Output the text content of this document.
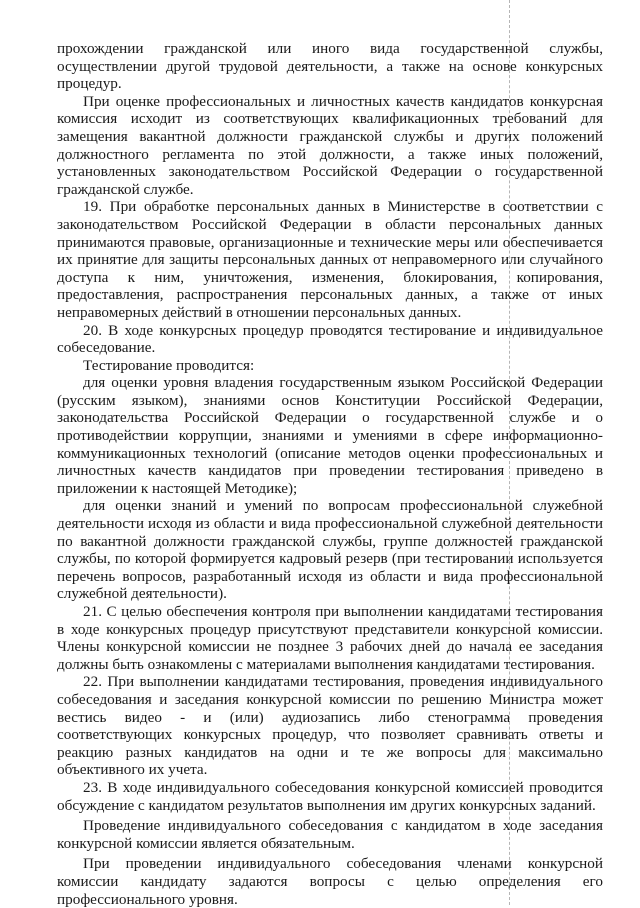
прохождении гражданской или иного вида государственной службы, осуществлении другой трудовой деятельности, а также на основе конкурсных процедур.

При оценке профессиональных и личностных качеств кандидатов конкурсная комиссия исходит из соответствующих квалификационных требований для замещения вакантной должности гражданской службы и других положений должностного регламента по этой должности, а также иных положений, установленных законодательством Российской Федерации о государственной гражданской службе.

19. При обработке персональных данных в Министерстве в соответствии с законодательством Российской Федерации в области персональных данных принимаются правовые, организационные и технические меры или обеспечивается их принятие для защиты персональных данных от неправомерного или случайного доступа к ним, уничтожения, изменения, блокирования, копирования, предоставления, распространения персональных данных, а также от иных неправомерных действий в отношении персональных данных.

20. В ходе конкурсных процедур проводятся тестирование и индивидуальное собеседование.

Тестирование проводится:

для оценки уровня владения государственным языком Российской Федерации (русским языком), знаниями основ Конституции Российской Федерации, законодательства Российской Федерации о государственной службе и о противодействии коррупции, знаниями и умениями в сфере информационно-коммуникационных технологий (описание методов оценки профессиональных и личностных качеств кандидатов при проведении тестирования приведено в приложении к настоящей Методике);

для оценки знаний и умений по вопросам профессиональной служебной деятельности исходя из области и вида профессиональной служебной деятельности по вакантной должности гражданской службы, группе должностей гражданской службы, по которой формируется кадровый резерв (при тестировании используется перечень вопросов, разработанный исходя из области и вида профессиональной служебной деятельности).

21. С целью обеспечения контроля при выполнении кандидатами тестирования в ходе конкурсных процедур присутствуют представители конкурсной комиссии. Члены конкурсной комиссии не позднее 3 рабочих дней до начала ее заседания должны быть ознакомлены с материалами выполнения кандидатами тестирования.

22. При выполнении кандидатами тестирования, проведения индивидуального собеседования и заседания конкурсной комиссии по решению Министра может вестись видео - и (или) аудиозапись либо стенограмма проведения соответствующих конкурсных процедур, что позволяет сравнивать ответы и реакцию разных кандидатов на одни и те же вопросы для максимально объективного их учета.

23. В ходе индивидуального собеседования конкурсной комиссией проводится обсуждение с кандидатом результатов выполнения им других конкурсных заданий.

Проведение индивидуального собеседования с кандидатом в ходе заседания конкурсной комиссии является обязательным.

При проведении индивидуального собеседования членами конкурсной комиссии кандидату задаются вопросы с целью определения его профессионального уровня.
